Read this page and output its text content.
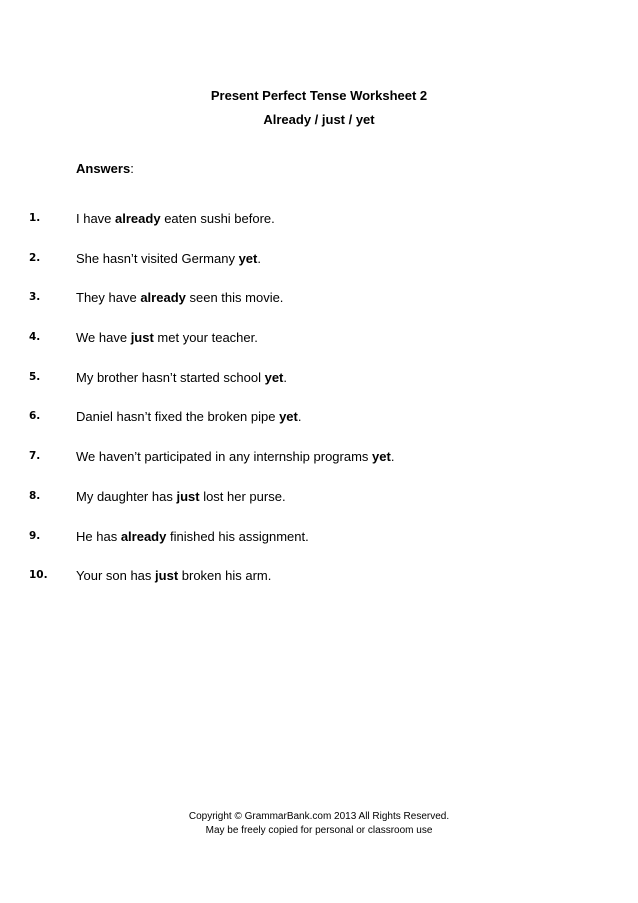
Present Perfect Tense Worksheet 2
Already / just / yet
Answers:
1.	I have already eaten sushi before.
2.	She hasn’t visited Germany yet.
3.	They have already seen this movie.
4.	We have just met your teacher.
5.	My brother hasn’t started school yet.
6.	Daniel hasn’t fixed the broken pipe yet.
7.	We haven’t participated in any internship programs yet.
8.	My daughter has just lost her purse.
9.	He has already finished his assignment.
10. Your son has just broken his arm.
Copyright © GrammarBank.com 2013 All Rights Reserved.
May be freely copied for personal or classroom use
